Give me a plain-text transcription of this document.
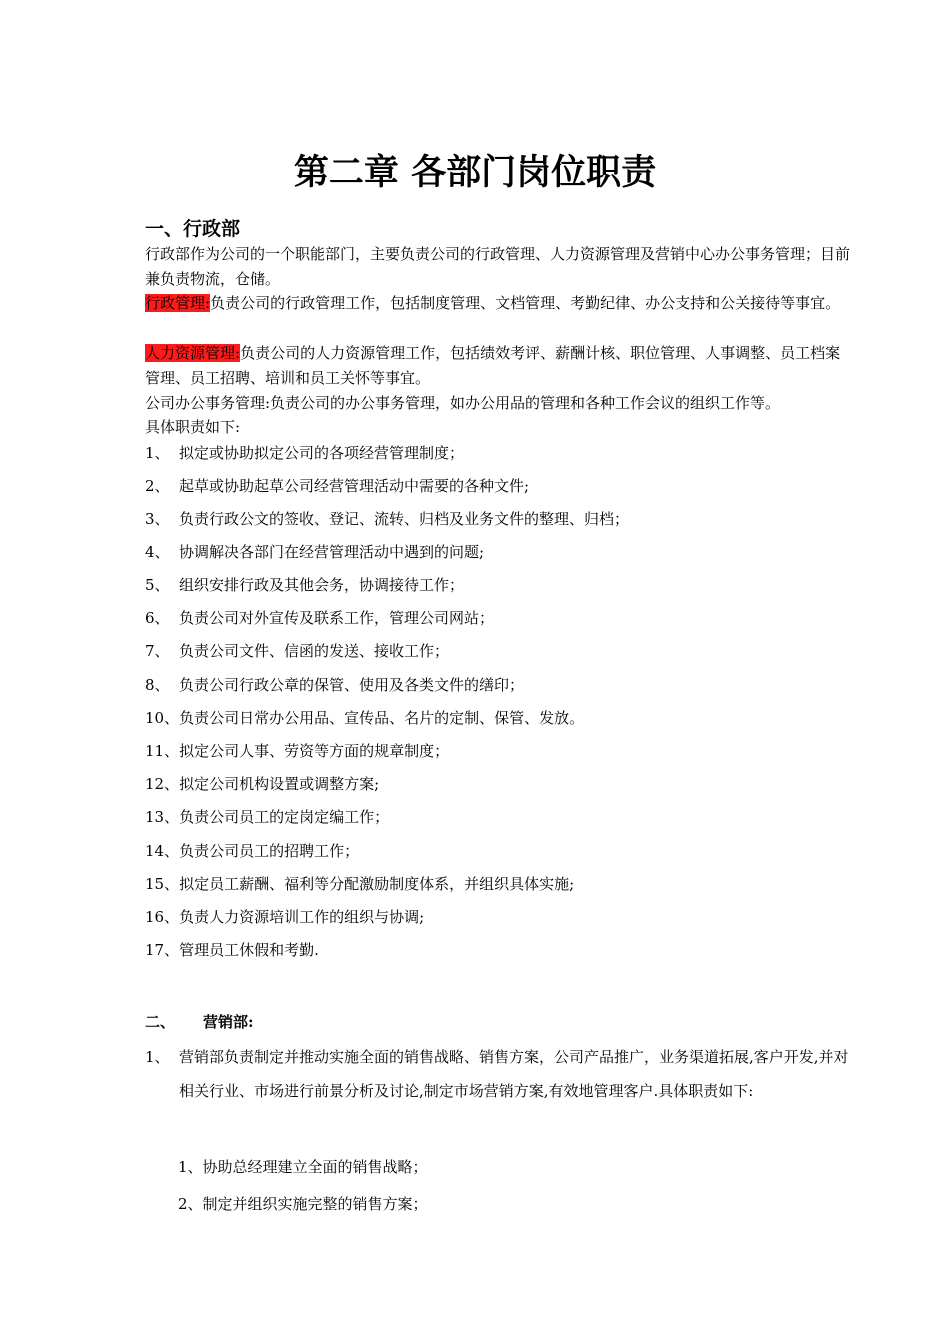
第二章 各部门岗位职责
一、行政部
行政部作为公司的一个职能部门，主要负责公司的行政管理、人力资源管理及营销中心办公事务管理；目前兼负责物流，仓储。
行政管理:负责公司的行政管理工作，包括制度管理、文档管理、考勤纪律、办公支持和公关接待等事宜。
人力资源管理:负责公司的人力资源管理工作，包括绩效考评、薪酬计核、职位管理、人事调整、员工档案管理、员工招聘、培训和员工关怀等事宜。
公司办公事务管理:负责公司的办公事务管理，如办公用品的管理和各种工作会议的组织工作等。
具体职责如下:
1、 拟定或协助拟定公司的各项经营管理制度；
2、 起草或协助起草公司经营管理活动中需要的各种文件;
3、 负责行政公文的签收、登记、流转、归档及业务文件的整理、归档；
4、 协调解决各部门在经营管理活动中遇到的问题;
5、 组织安排行政及其他会务，协调接待工作；
6、 负责公司对外宣传及联系工作，管理公司网站；
7、 负责公司文件、信函的发送、接收工作；
8、 负责公司行政公章的保管、使用及各类文件的缮印；
10、负责公司日常办公用品、宣传品、名片的定制、保管、发放。
11、拟定公司人事、劳资等方面的规章制度；
12、拟定公司机构设置或调整方案;
13、负责公司员工的定岗定编工作；
14、负责公司员工的招聘工作；
15、拟定员工薪酬、福利等分配激励制度体系，并组织具体实施;
16、负责人力资源培训工作的组织与协调;
17、管理员工休假和考勤.
二、 营销部:
1、 营销部负责制定并推动实施全面的销售战略、销售方案，公司产品推广，业务渠道拓展,客户开发,并对相关行业、市场进行前景分析及讨论,制定市场营销方案,有效地管理客户.具体职责如下:
1、协助总经理建立全面的销售战略；
2、制定并组织实施完整的销售方案；
